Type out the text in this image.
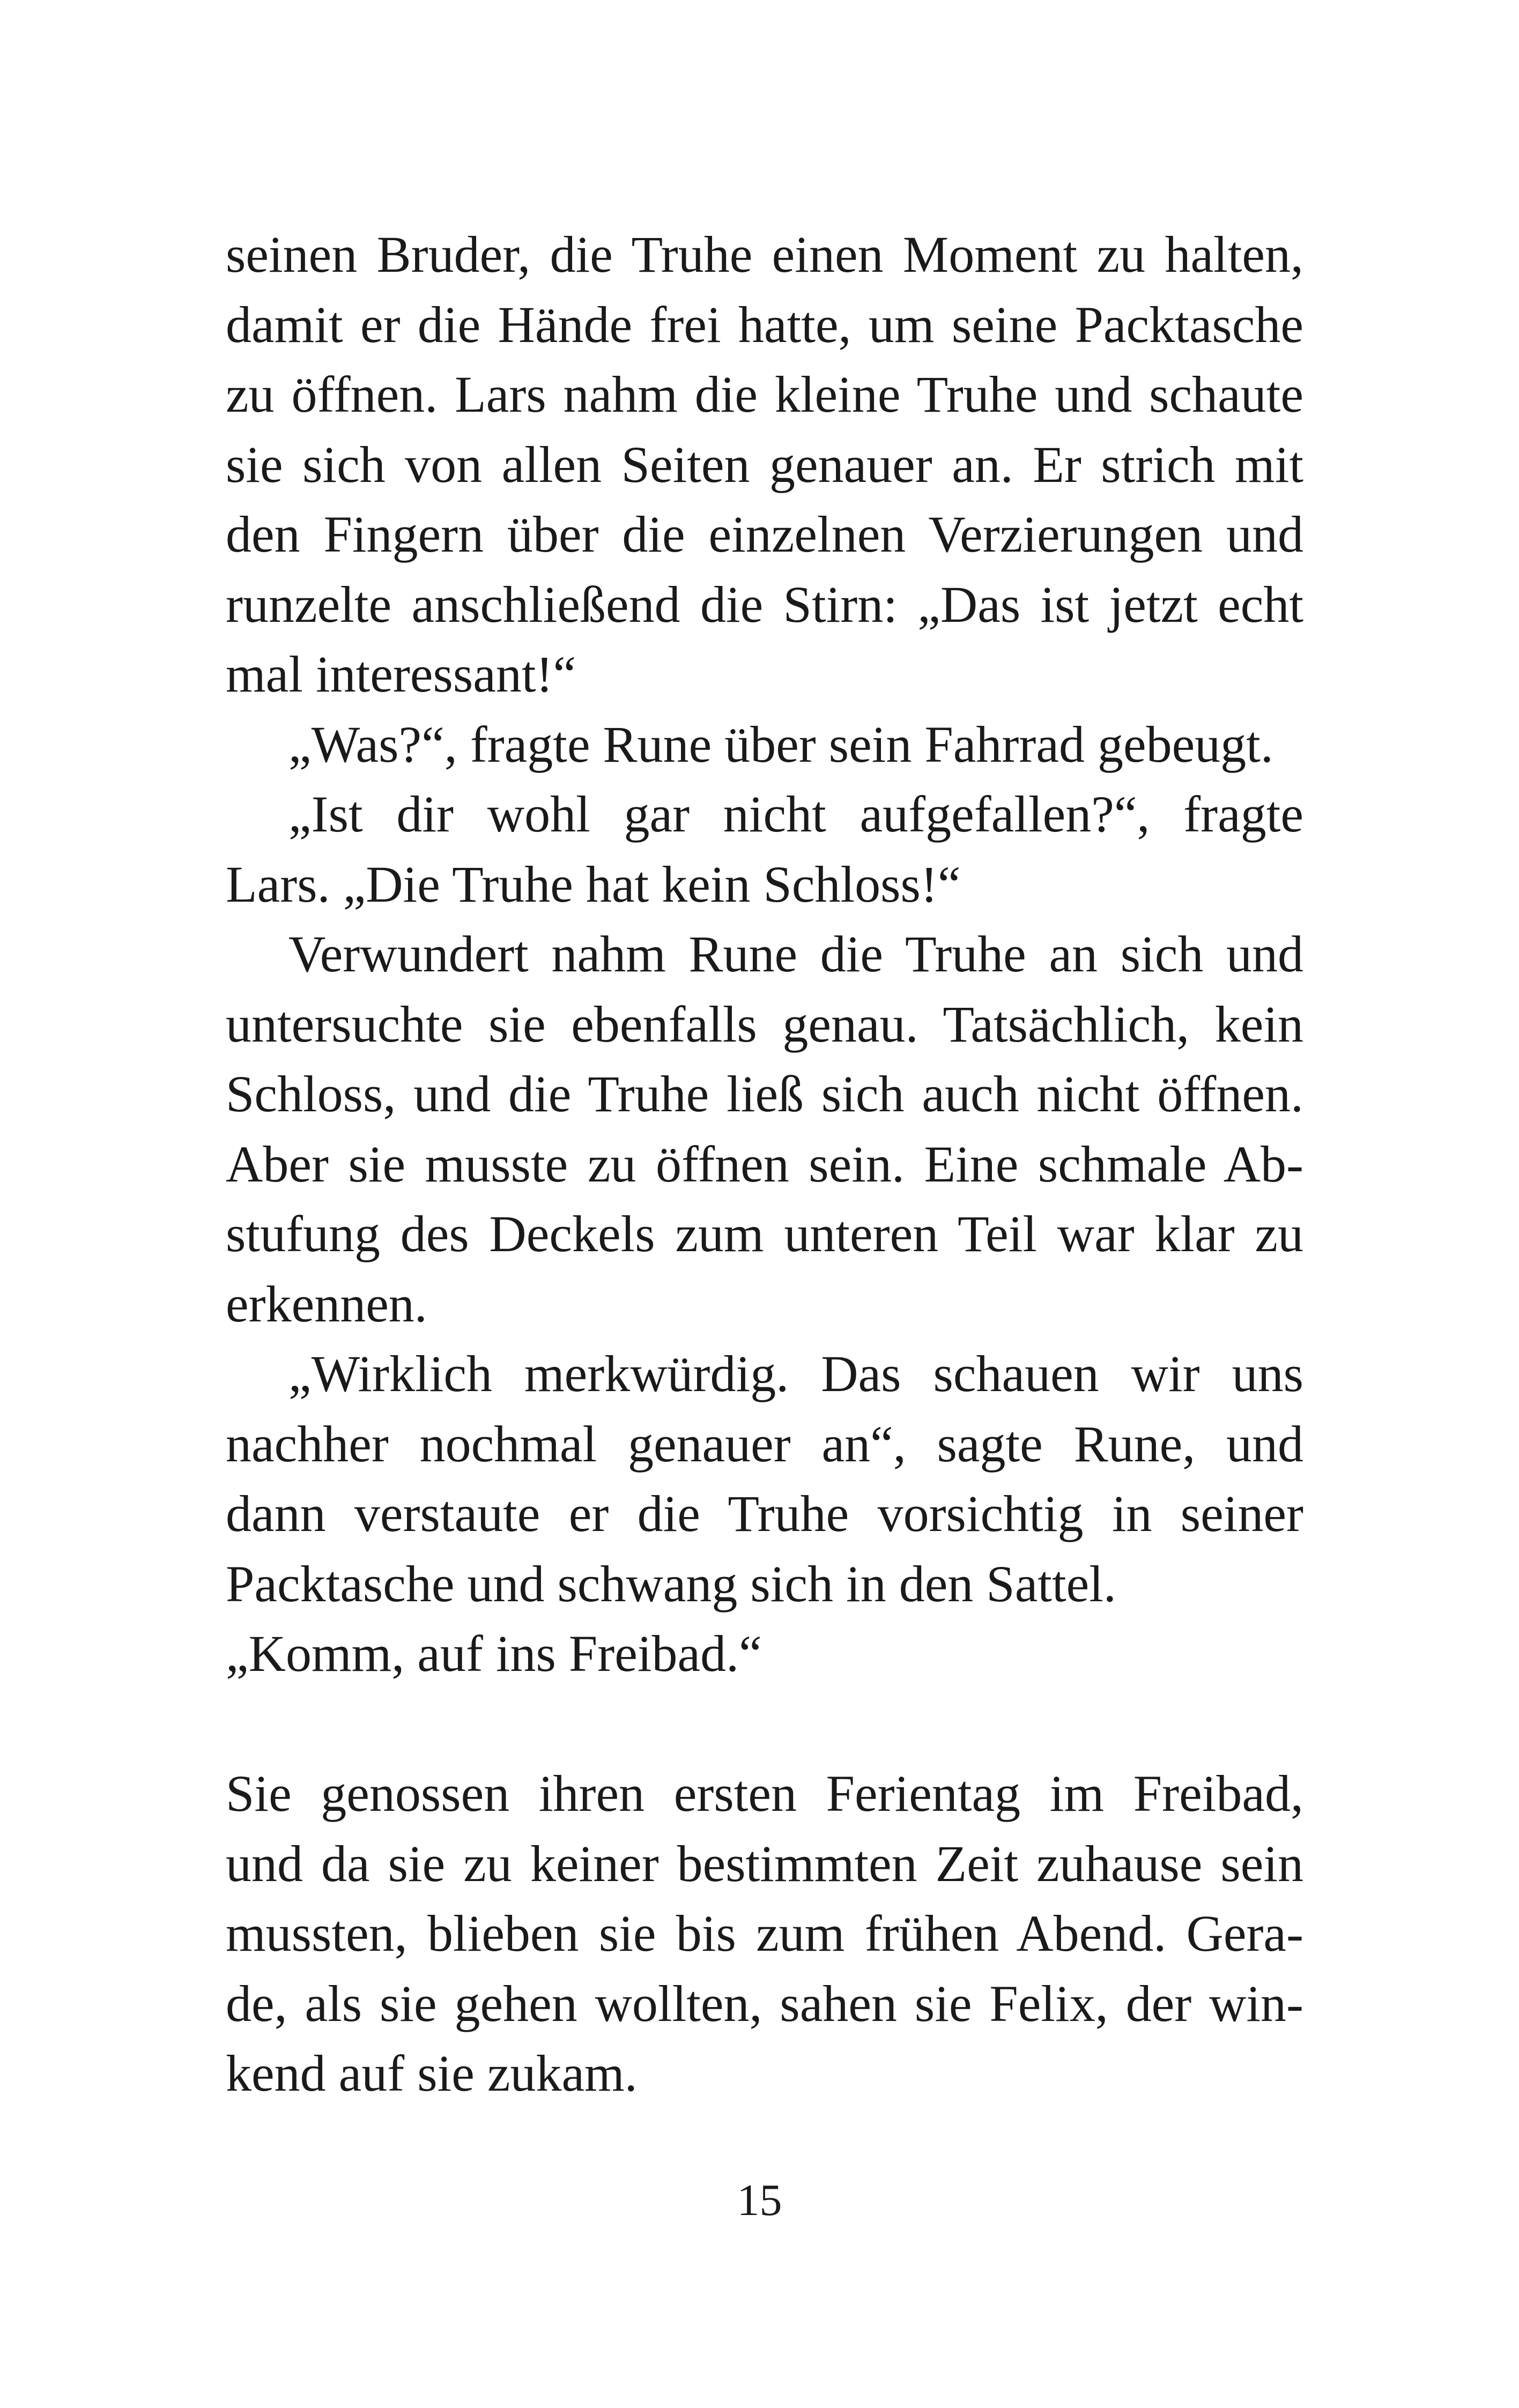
seinen Bruder, die Truhe einen Moment zu halten,
damit er die Hände frei hatte, um seine Packtasche
zu öffnen. Lars nahm die kleine Truhe und schaute
sie sich von allen Seiten genauer an. Er strich mit
den Fingern über die einzelnen Verzierungen und
runzelte anschließend die Stirn: „Das ist jetzt echt
mal interessant!“
„Was?“, fragte Rune über sein Fahrrad gebeugt.
„Ist dir wohl gar nicht aufgefallen?“, fragte
Lars. „Die Truhe hat kein Schloss!“
Verwundert nahm Rune die Truhe an sich und
untersuchte sie ebenfalls genau. Tatsächlich, kein
Schloss, und die Truhe ließ sich auch nicht öffnen.
Aber sie musste zu öffnen sein. Eine schmale Ab-
stufung des Deckels zum unteren Teil war klar zu
erkennen.
„Wirklich merkwürdig. Das schauen wir uns
nachher nochmal genauer an“, sagte Rune, und
dann verstaute er die Truhe vorsichtig in seiner
Packtasche und schwang sich in den Sattel.
„Komm, auf ins Freibad.“

Sie genossen ihren ersten Ferientag im Freibad,
und da sie zu keiner bestimmten Zeit zuhause sein
mussten, blieben sie bis zum frühen Abend. Gera-
de, als sie gehen wollten, sahen sie Felix, der win-
kend auf sie zukam.
15
